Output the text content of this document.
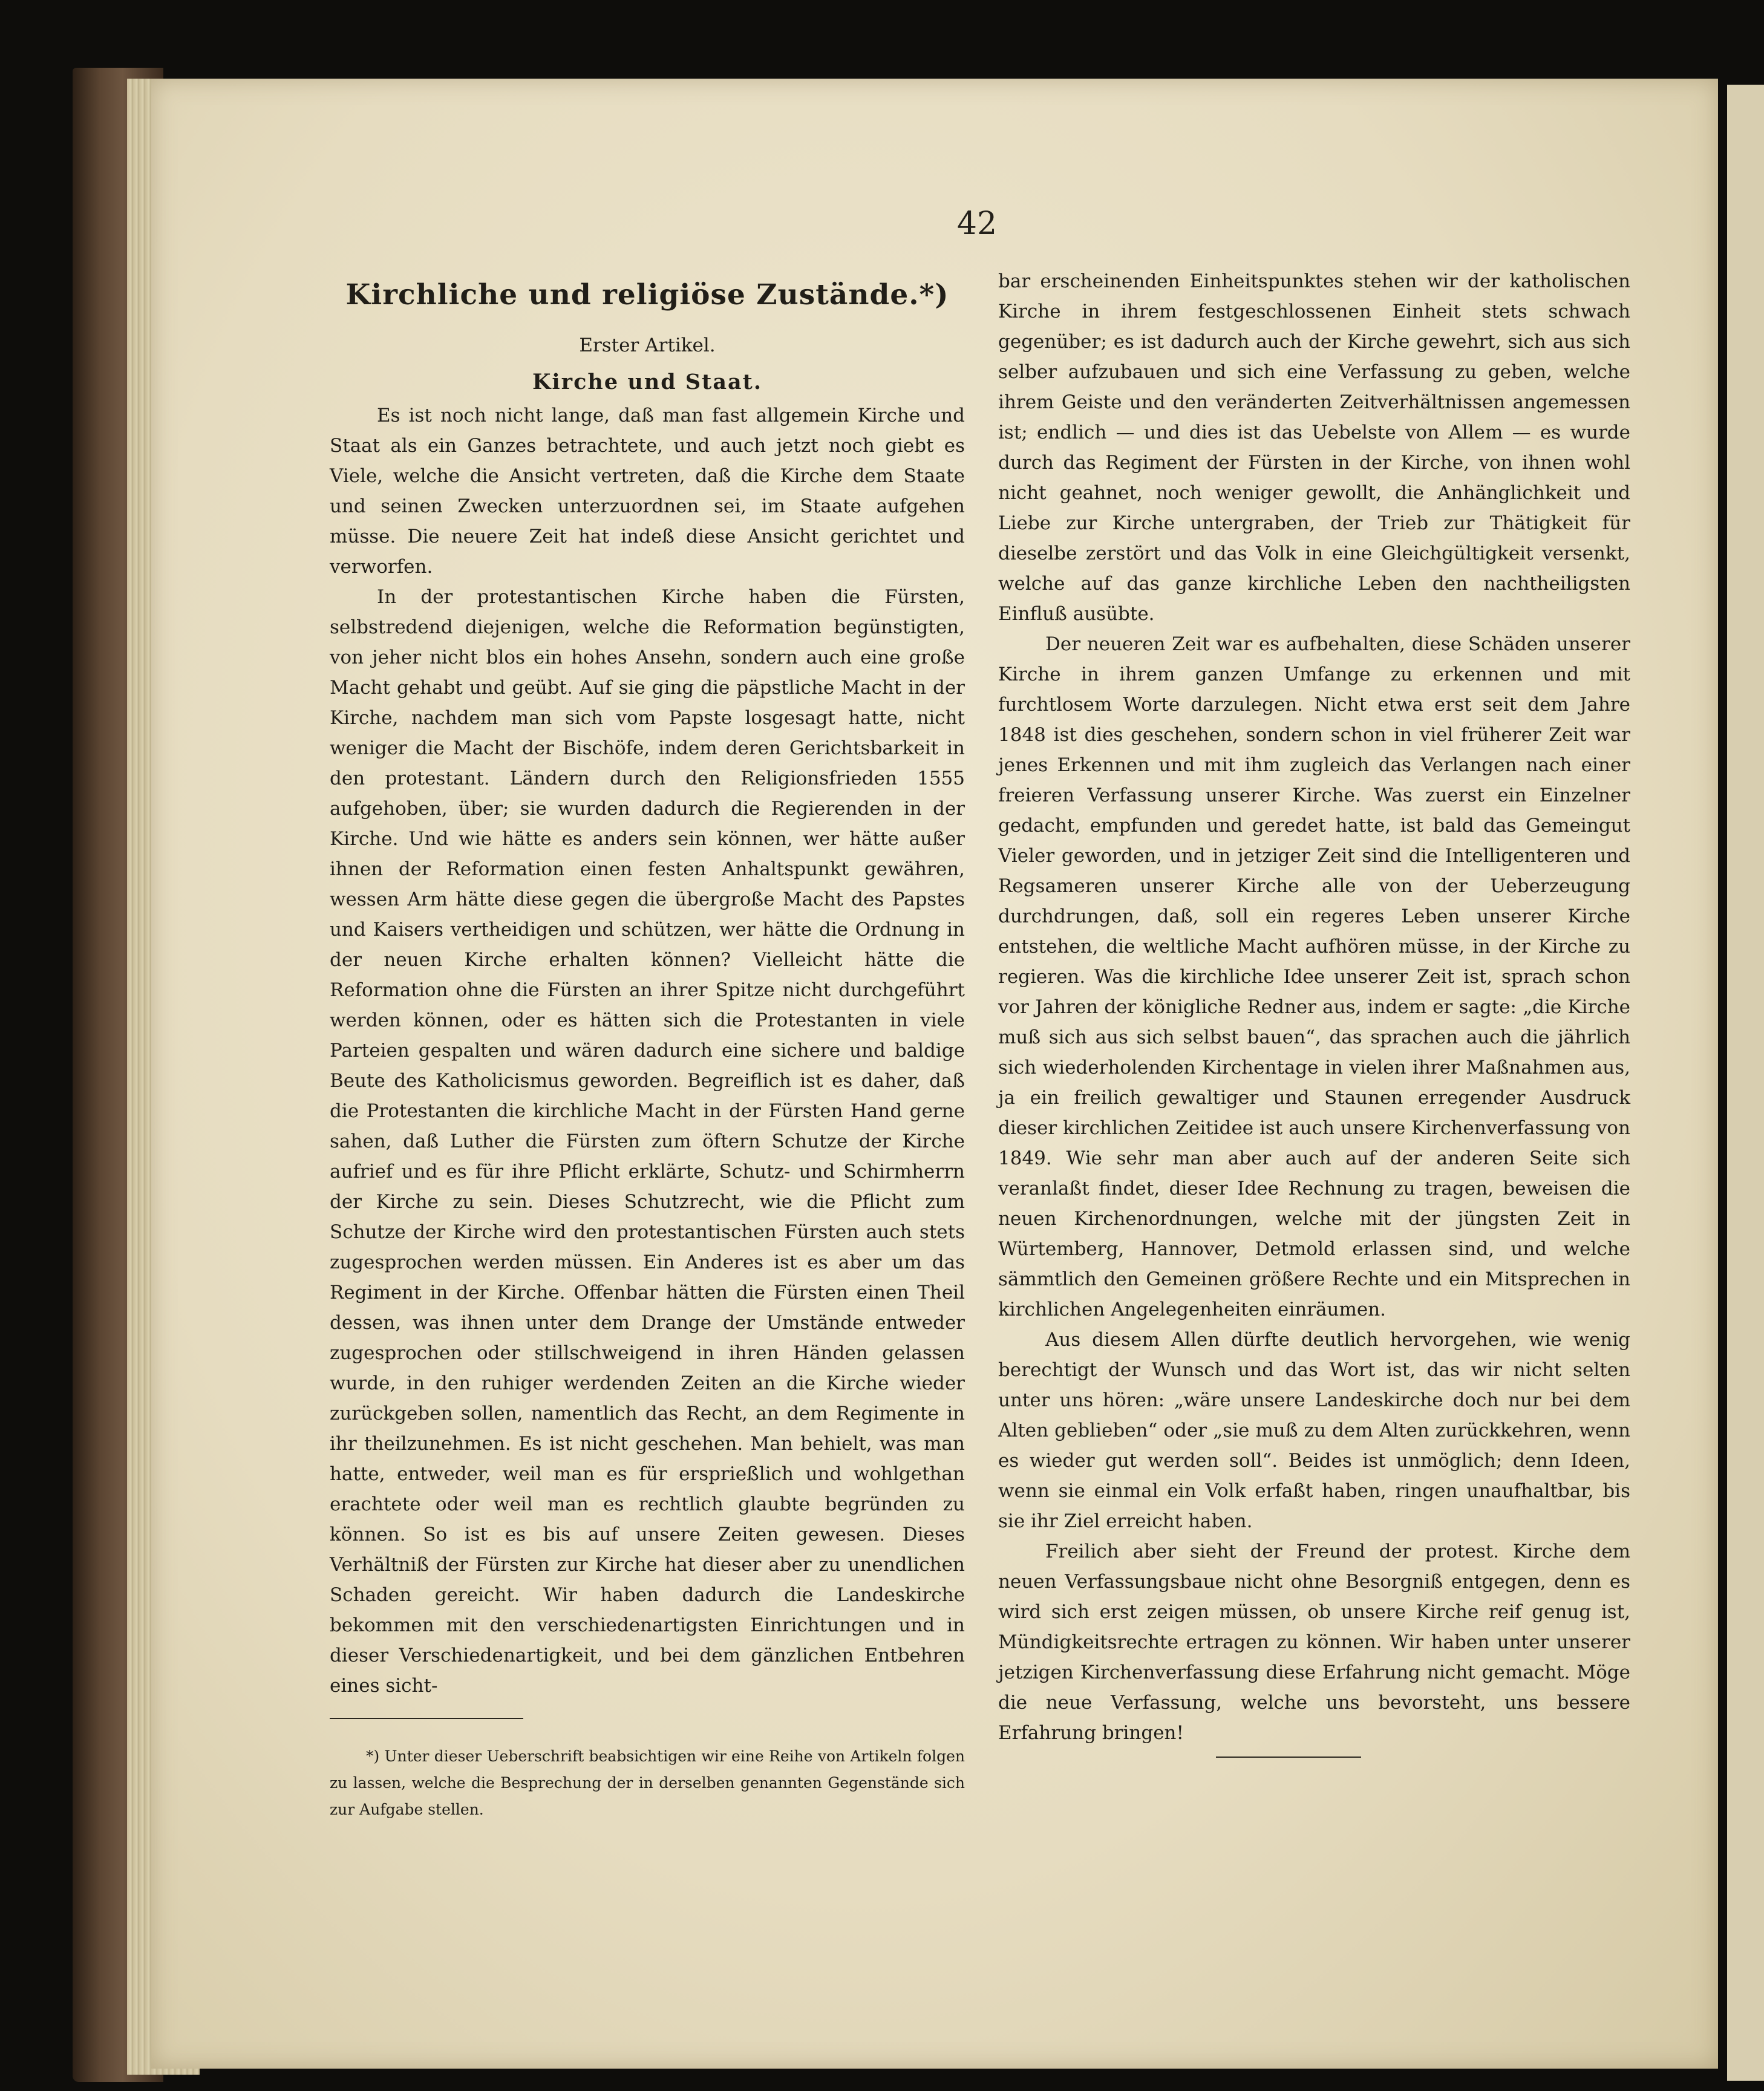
42
Kirchliche und religiöse Zustände.*)
Erster Artikel.
Kirche und Staat.

Es ist noch nicht lange, daß man fast allgemein Kirche und Staat als ein Ganzes betrachtete, und auch jetzt noch giebt es Viele, welche die Ansicht vertreten, daß die Kirche dem Staate und seinen Zwecken unterzuordnen sei, im Staate aufgehen müsse. Die neuere Zeit hat indeß diese Ansicht gerichtet und verworfen.

In der protestantischen Kirche haben die Fürsten, selbstredend diejenigen, welche die Reformation begünstigten, von jeher nicht blos ein hohes Ansehn, sondern auch eine große Macht gehabt und geübt. Auf sie ging die päpstliche Macht in der Kirche, nachdem man sich vom Papste losgesagt hatte, nicht weniger die Macht der Bischöfe, indem deren Gerichtsbarkeit in den protestant. Ländern durch den Religionsfrieden 1555 aufgehoben, über; sie wurden dadurch die Regierenden in der Kirche. Und wie hätte es anders sein können, wer hätte außer ihnen der Reformation einen festen Anhaltspunkt gewähren, wessen Arm hätte diese gegen die übergroße Macht des Papstes und Kaisers vertheidigen und schützen, wer hätte die Ordnung in der neuen Kirche erhalten können? Vielleicht hätte die Reformation ohne die Fürsten an ihrer Spitze nicht durchgeführt werden können, oder es hätten sich die Protestanten in viele Parteien gespalten und wären dadurch eine sichere und baldige Beute des Katholicismus geworden. Begreiflich ist es daher, daß die Protestanten die kirchliche Macht in der Fürsten Hand gerne sahen, daß Luther die Fürsten zum öftern Schutze der Kirche aufrief und es für ihre Pflicht erklärte, Schutz- und Schirmherrn der Kirche zu sein. Dieses Schutzrecht, wie die Pflicht zum Schutze der Kirche wird den protestantischen Fürsten auch stets zugesprochen werden müssen. Ein Anderes ist es aber um das Regiment in der Kirche. Offenbar hätten die Fürsten einen Theil dessen, was ihnen unter dem Drange der Umstände entweder zugesprochen oder stillschweigend in ihren Händen gelassen wurde, in den ruhiger werdenden Zeiten an die Kirche wieder zurückgeben sollen, namentlich das Recht, an dem Regimente in ihr theilzunehmen. Es ist nicht geschehen. Man behielt, was man hatte, entweder, weil man es für ersprießlich und wohlgethan erachtete oder weil man es rechtlich glaubte begründen zu können. So ist es bis auf unsere Zeiten gewesen. Dieses Verhältniß der Fürsten zur Kirche hat dieser aber zu unendlichen Schaden gereicht. Wir haben dadurch die Landeskirche bekommen mit den verschiedenartigsten Einrichtungen und in dieser Verschiedenartigkeit, und bei dem gänzlichen Entbehren eines sicht-

*) Unter dieser Ueberschrift beabsichtigen wir eine Reihe von Artikeln folgen zu lassen, welche die Besprechung der in derselben genannten Gegenstände sich zur Aufgabe stellen.

bar erscheinenden Einheitspunktes stehen wir der katholischen Kirche in ihrem festgeschlossenen Einheit stets schwach gegenüber; es ist dadurch auch der Kirche gewehrt, sich aus sich selber aufzubauen und sich eine Verfassung zu geben, welche ihrem Geiste und den veränderten Zeitverhältnissen angemessen ist; endlich — und dies ist das Uebelste von Allem — es wurde durch das Regiment der Fürsten in der Kirche, von ihnen wohl nicht geahnet, noch weniger gewollt, die Anhänglichkeit und Liebe zur Kirche untergraben, der Trieb zur Thätigkeit für dieselbe zerstört und das Volk in eine Gleichgültigkeit versenkt, welche auf das ganze kirchliche Leben den nachtheiligsten Einfluß ausübte.

Der neueren Zeit war es aufbehalten, diese Schäden unserer Kirche in ihrem ganzen Umfange zu erkennen und mit furchtlosem Worte darzulegen. Nicht etwa erst seit dem Jahre 1848 ist dies geschehen, sondern schon in viel früherer Zeit war jenes Erkennen und mit ihm zugleich das Verlangen nach einer freieren Verfassung unserer Kirche. Was zuerst ein Einzelner gedacht, empfunden und geredet hatte, ist bald das Gemeingut Vieler geworden, und in jetziger Zeit sind die Intelligenteren und Regsameren unserer Kirche alle von der Ueberzeugung durchdrungen, daß, soll ein regeres Leben unserer Kirche entstehen, die weltliche Macht aufhören müsse, in der Kirche zu regieren. Was die kirchliche Idee unserer Zeit ist, sprach schon vor Jahren der königliche Redner aus, indem er sagte: „die Kirche muß sich aus sich selbst bauen“, das sprachen auch die jährlich sich wiederholenden Kirchentage in vielen ihrer Maßnahmen aus, ja ein freilich gewaltiger und Staunen erregender Ausdruck dieser kirchlichen Zeitidee ist auch unsere Kirchenverfassung von 1849. Wie sehr man aber auch auf der anderen Seite sich veranlaßt findet, dieser Idee Rechnung zu tragen, beweisen die neuen Kirchenordnungen, welche mit der jüngsten Zeit in Würtemberg, Hannover, Detmold erlassen sind, und welche sämmtlich den Gemeinen größere Rechte und ein Mitsprechen in kirchlichen Angelegenheiten einräumen.

Aus diesem Allen dürfte deutlich hervorgehen, wie wenig berechtigt der Wunsch und das Wort ist, das wir nicht selten unter uns hören: „wäre unsere Landeskirche doch nur bei dem Alten geblieben“ oder „sie muß zu dem Alten zurückkehren, wenn es wieder gut werden soll“. Beides ist unmöglich; denn Ideen, wenn sie einmal ein Volk erfaßt haben, ringen unaufhaltbar, bis sie ihr Ziel erreicht haben.

Freilich aber sieht der Freund der protest. Kirche dem neuen Verfassungsbaue nicht ohne Besorgniß entgegen, denn es wird sich erst zeigen müssen, ob unsere Kirche reif genug ist, Mündigkeitsrechte ertragen zu können. Wir haben unter unserer jetzigen Kirchenverfassung diese Erfahrung nicht gemacht. Möge die neue Verfassung, welche uns bevorsteht, uns bessere Erfahrung bringen!
